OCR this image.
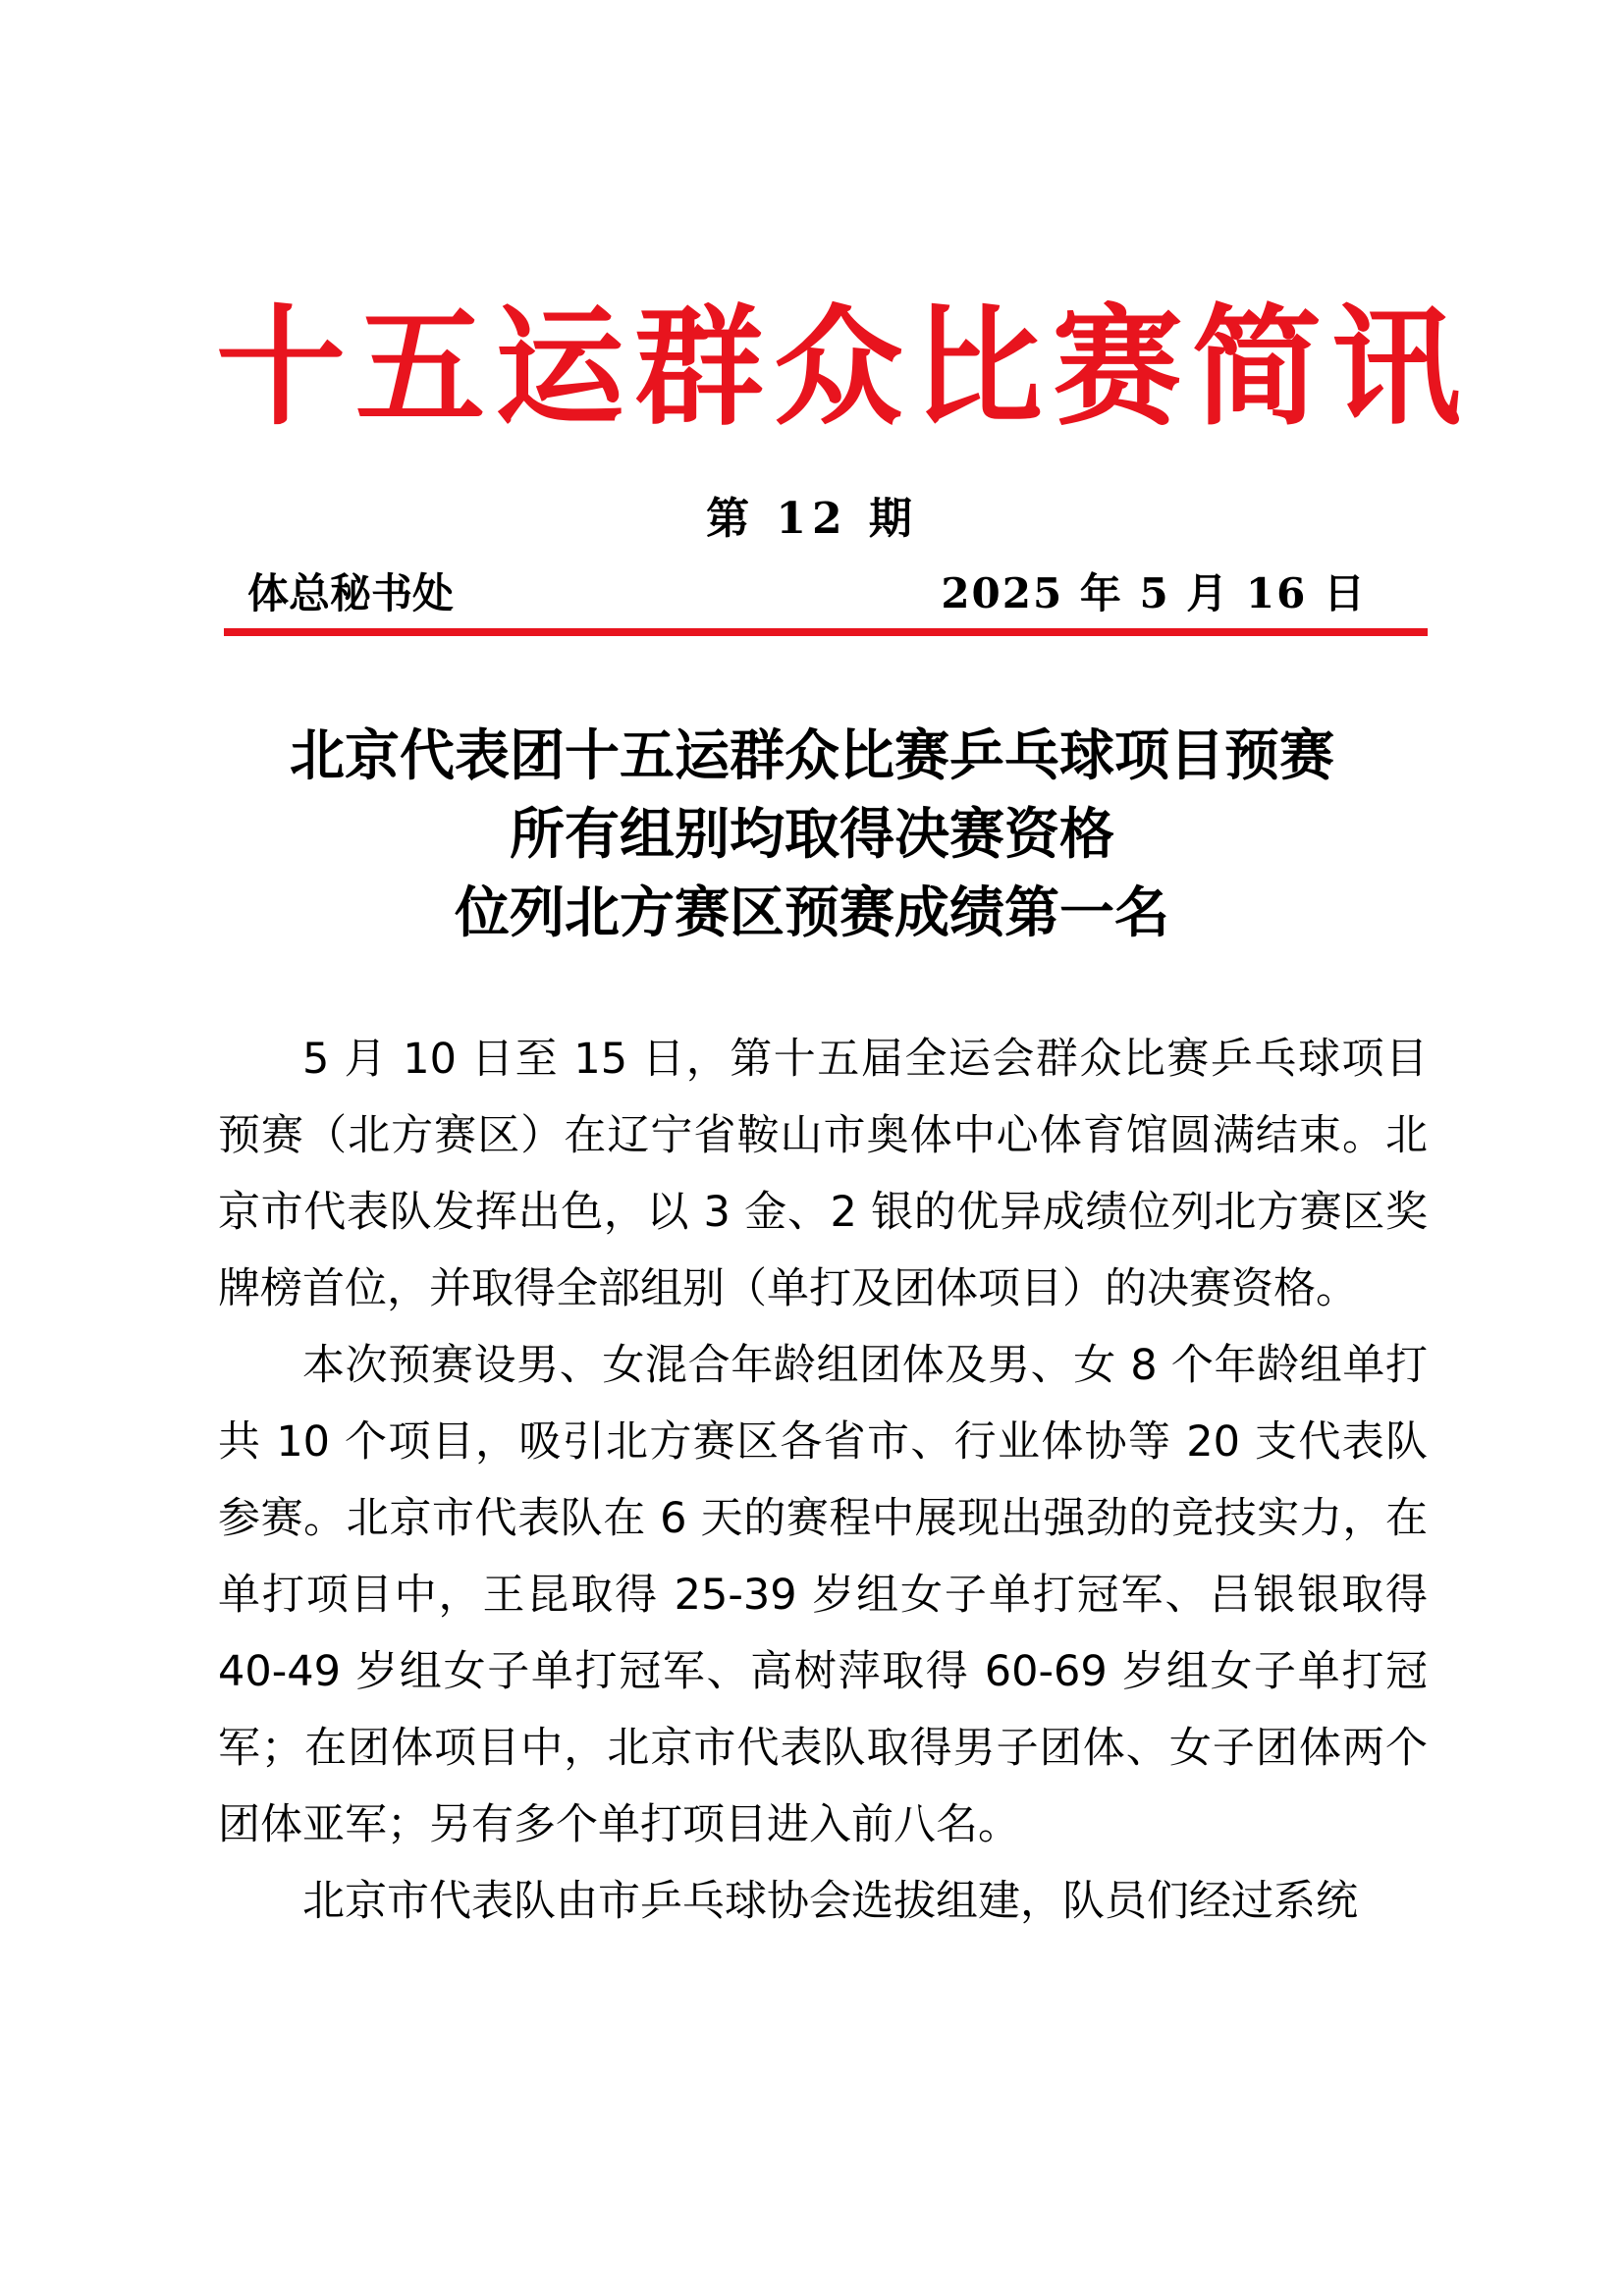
十五运群众比赛简讯
第 12 期
体总秘书处	2025 年 5 月 16 日
北京代表团十五运群众比赛乒乓球项目预赛
所有组别均取得决赛资格
位列北方赛区预赛成绩第一名

5 月 10 日至 15 日，第十五届全运会群众比赛乒乓球项目预赛（北方赛区）在辽宁省鞍山市奥体中心体育馆圆满结束。北京市代表队发挥出色，以 3 金、2 银的优异成绩位列北方赛区奖牌榜首位，并取得全部组别（单打及团体项目）的决赛资格。

本次预赛设男、女混合年龄组团体及男、女 8 个年龄组单打共 10 个项目，吸引北方赛区各省市、行业体协等 20 支代表队参赛。北京市代表队在 6 天的赛程中展现出强劲的竞技实力，在单打项目中，王昆取得 25-39 岁组女子单打冠军、吕银银取得 40-49 岁组女子单打冠军、高树萍取得 60-69 岁组女子单打冠军；在团体项目中，北京市代表队取得男子团体、女子团体两个团体亚军；另有多个单打项目进入前八名。

北京市代表队由市乒乓球协会选拔组建，队员们经过系统
